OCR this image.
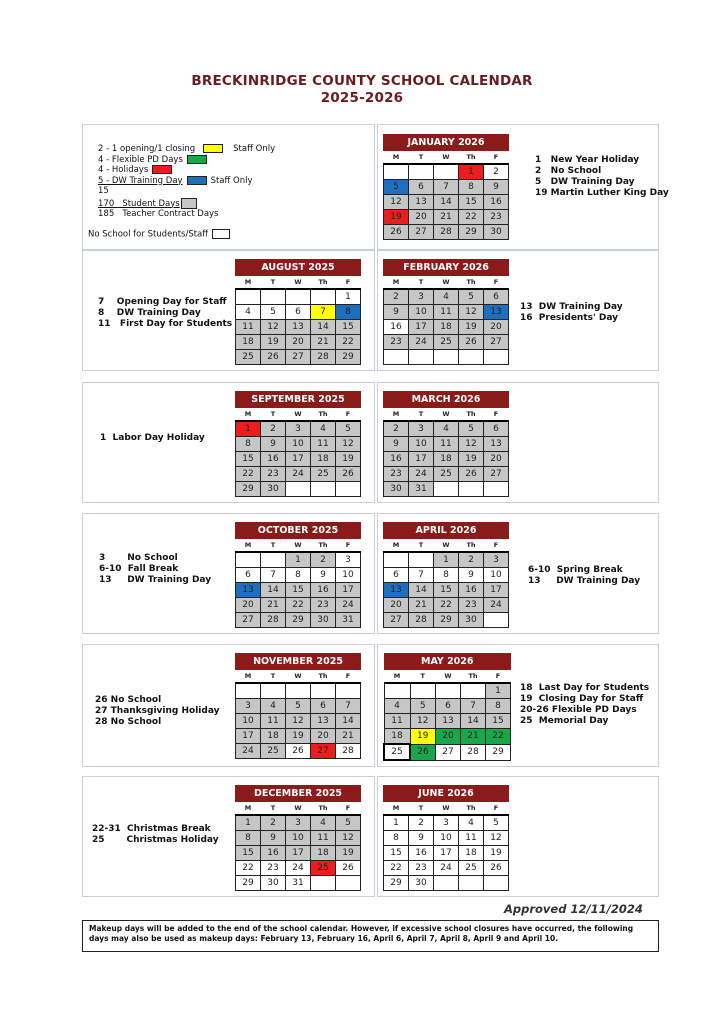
BRECKINRIDGE COUNTY SCHOOL CALENDAR
2025-2026
2 - 1 opening/1 closing	Staff Only
4 - Flexible PD Days
4 - Holidays
5 - DW Training Day	Staff Only
15
170   Student Days
185   Teacher Contract Days
No School for Students/Staff
JANUARY 2026				
M	T	W	Th	F
			1	2
5	6	7	8	9
12	13	14	15	16
19	20	21	22	23
26	27	28	29	30
AUGUST 2025				
M	T	W	Th	F
				1
4	5	6	7	8
11	12	13	14	15
18	19	20	21	22
25	26	27	28	29
FEBRUARY 2026				
M	T	W	Th	F
2	3	4	5	6
9	10	11	12	13
16	17	18	19	20
23	24	25	26	27

SEPTEMBER 2025				
M	T	W	Th	F
1	2	3	4	5
8	9	10	11	12
15	16	17	18	19
22	23	24	25	26
29	30			
MARCH 2026				
M	T	W	Th	F
2	3	4	5	6
9	10	11	12	13
16	17	18	19	20
23	24	25	26	27
30	31			
OCTOBER 2025				
M	T	W	Th	F
		1	2	3
6	7	8	9	10
13	14	15	16	17
20	21	22	23	24
27	28	29	30	31
APRIL 2026				
M	T	W	Th	F
		1	2	3
6	7	8	9	10
13	14	15	16	17
20	21	22	23	24
27	28	29	30	
NOVEMBER 2025				
M	T	W	Th	F

3	4	5	6	7
10	11	12	13	14
17	18	19	20	21
24	25	26	27	28
MAY 2026				
M	T	W	Th	F
				1
4	5	6	7	8
11	12	13	14	15
18	19	20	21	22
25	26	27	28	29
DECEMBER 2025				
M	T	W	Th	F
1	2	3	4	5
8	9	10	11	12
15	16	17	18	19
22	23	24	25	26
29	30	31		
JUNE 2026				
M	T	W	Th	F
1	2	3	4	5
8	9	10	11	12
15	16	17	18	19
22	23	24	25	26
29	30			
1   New Year Holiday
2   No School
5   DW Training Day
19 Martin Luther King Day
7    Opening Day for Staff
8    DW Training Day
11   First Day for Students
13  DW Training Day
16  Presidents' Day
1  Labor Day Holiday
3       No School
6-10  Fall Break
13     DW Training Day
6-10  Spring Break
13     DW Training Day
26 No School
27 Thanksgiving Holiday
28 No School
18  Last Day for Students
19  Closing Day for Staff
20-26 Flexible PD Days
25  Memorial Day
22-31  Christmas Break
25       Christmas Holiday
Approved 12/11/2024
Makeup days will be added to the end of the school calendar. However, if excessive school closures have occurred, the following days may also be used as makeup days: February 13, February 16, April 6, April 7, April 8, April 9 and April 10.
